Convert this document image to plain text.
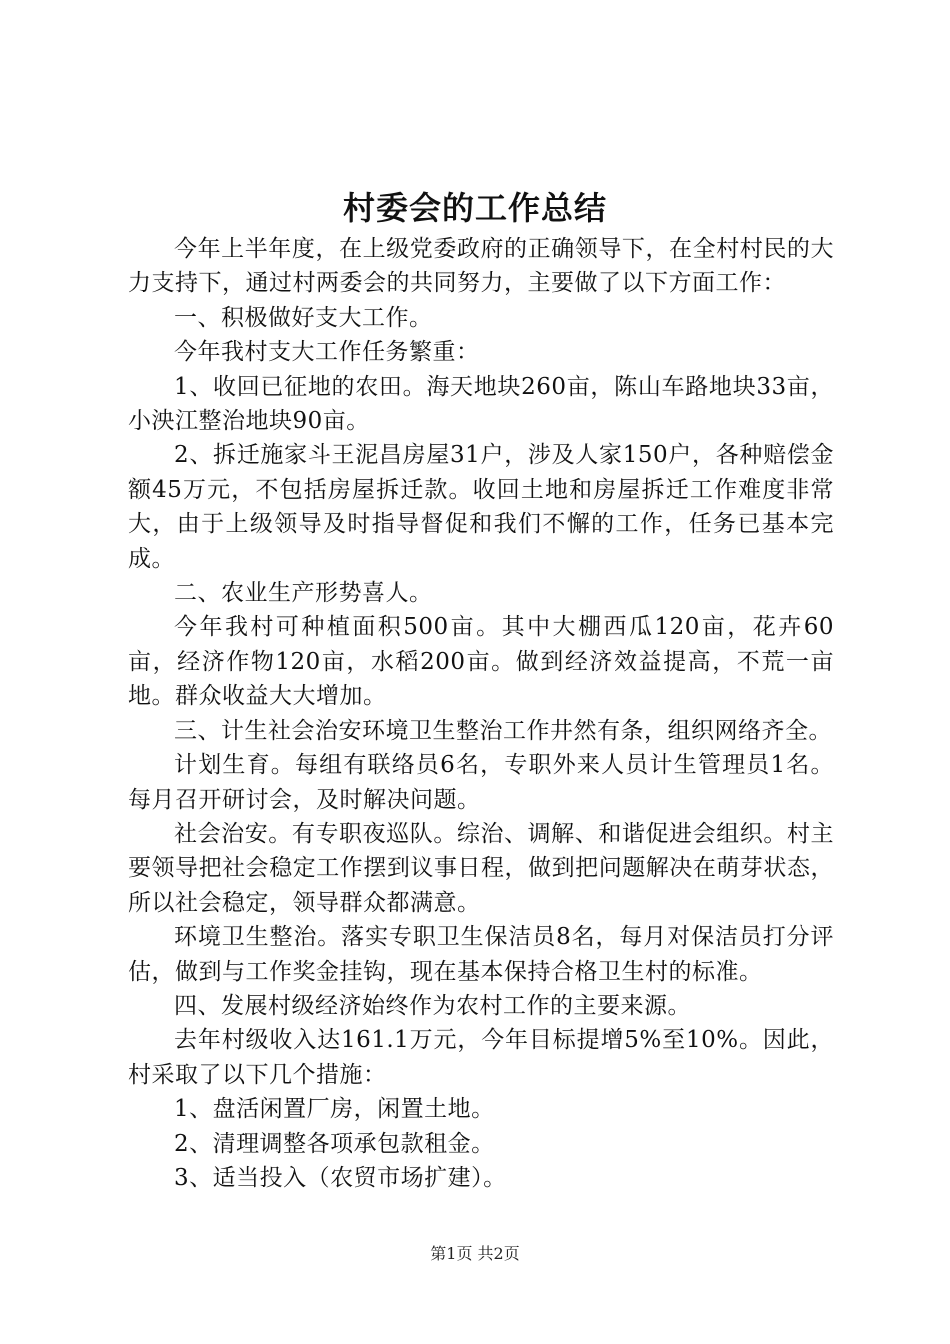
村委会的工作总结

今年上半年度，在上级党委政府的正确领导下，在全村村民的大力支持下，通过村两委会的共同努力，主要做了以下方面工作：

一、积极做好支大工作。

今年我村支大工作任务繁重：

1、收回已征地的农田。海天地块260亩，陈山车路地块33亩，小泱江整治地块90亩。

2、拆迁施家斗王泥昌房屋31户，涉及人家150户，各种赔偿金额45万元，不包括房屋拆迁款。收回土地和房屋拆迁工作难度非常大，由于上级领导及时指导督促和我们不懈的工作，任务已基本完成。

二、农业生产形势喜人。

今年我村可种植面积500亩。其中大棚西瓜120亩，花卉60亩，经济作物120亩，水稻200亩。做到经济效益提高，不荒一亩地。群众收益大大增加。

三、计生社会治安环境卫生整治工作井然有条，组织网络齐全。

计划生育。每组有联络员6名，专职外来人员计生管理员1名。每月召开研讨会，及时解决问题。

社会治安。有专职夜巡队。综治、调解、和谐促进会组织。村主要领导把社会稳定工作摆到议事日程，做到把问题解决在萌芽状态，所以社会稳定，领导群众都满意。

环境卫生整治。落实专职卫生保洁员8名，每月对保洁员打分评估，做到与工作奖金挂钩，现在基本保持合格卫生村的标准。

四、发展村级经济始终作为农村工作的主要来源。

去年村级收入达161.1万元，今年目标提增5%至10%。因此，村采取了以下几个措施：

1、盘活闲置厂房，闲置土地。

2、清理调整各项承包款租金。

3、适当投入（农贸市场扩建）。

第1页 共2页
